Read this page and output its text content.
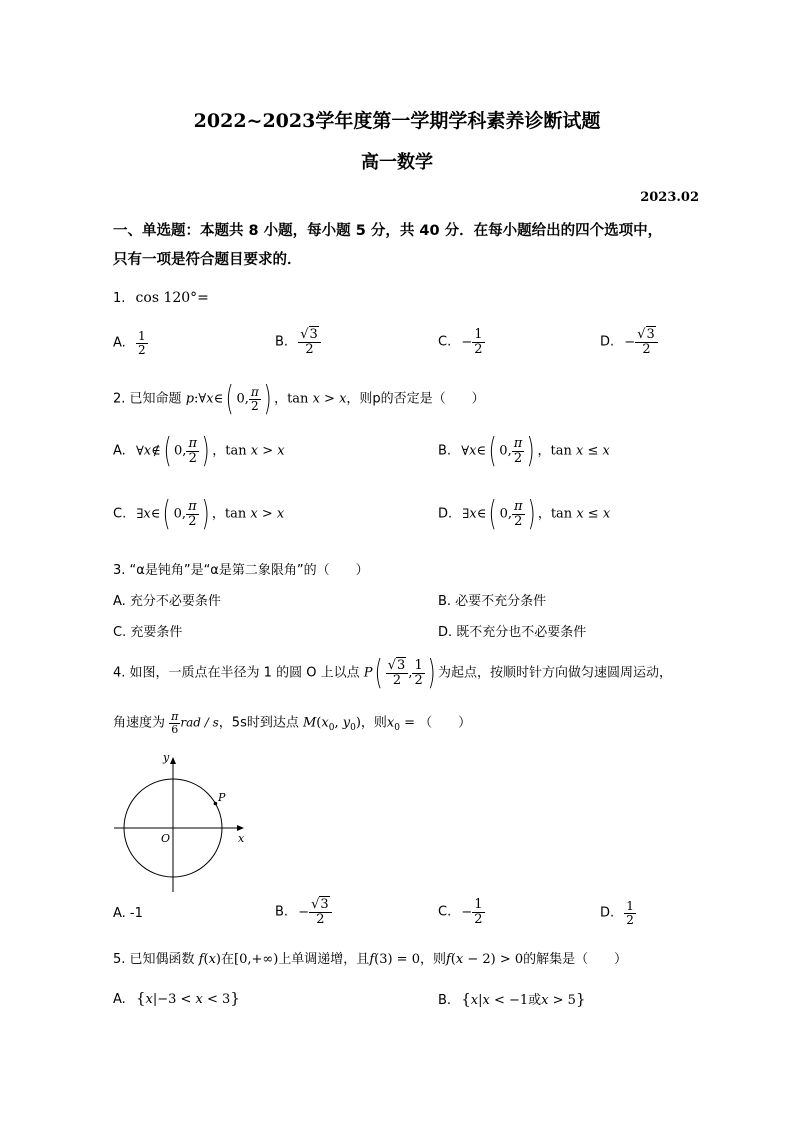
2022~2023学年度第一学期学科素养诊断试题
高一数学
2023.02
一、单选题：本题共 8 小题，每小题 5 分，共 40 分．在每小题给出的四个选项中，
只有一项是符合题目要求的．
1. cos 120°=
A. $\frac{1}{2}$	B. $\frac{√3}{2}$	C. − $\frac{1}{2}$	D. − $\frac{√3}{2}$
2. 已知命题 p:∀x∈( 0, $\frac{\pi}{2}$ ) ，tan x > x，则p的否定是（　　）
A. ∀x∉( 0, $\frac{\pi}{2}$ ) ，tan x > x	B. ∀x∈( 0, $\frac{\pi}{2}$ ) ，tan x ≤ x
C. ∃x∈( 0, $\frac{\pi}{2}$ ) ，tan x > x	D. ∃x∈( 0, $\frac{\pi}{2}$ ) ，tan x ≤ x
3. “α是钝角”是“α是第二象限角”的（　　）
A. 充分不必要条件	B. 必要不充分条件
C. 充要条件	D. 既不充分也不必要条件
4. 如图，一质点在半径为 1 的圆 O 上以点 $P( \frac{√3}{2}$ , $\frac{1}{2}$ ) 为起点，按顺时针方向做匀速圆周运动，
角速度为 $\frac{\pi}{6}$ rad / s，5s时到达点 $M(x_0$, $y_0$)，则$x_0$ = （　　）
y
x
O
P
A. -1	B. − $\frac{√3}{2}$	C. − $\frac{1}{2}$	D. $\frac{1}{2}$
5. 已知偶函数 f(x)在[0,+∞)上单调递增，且f(3) = 0，则f(x − 2) > 0的解集是（　　）
A. {x|−3 < x < 3}	B. {x|x < −1或x > 5}
